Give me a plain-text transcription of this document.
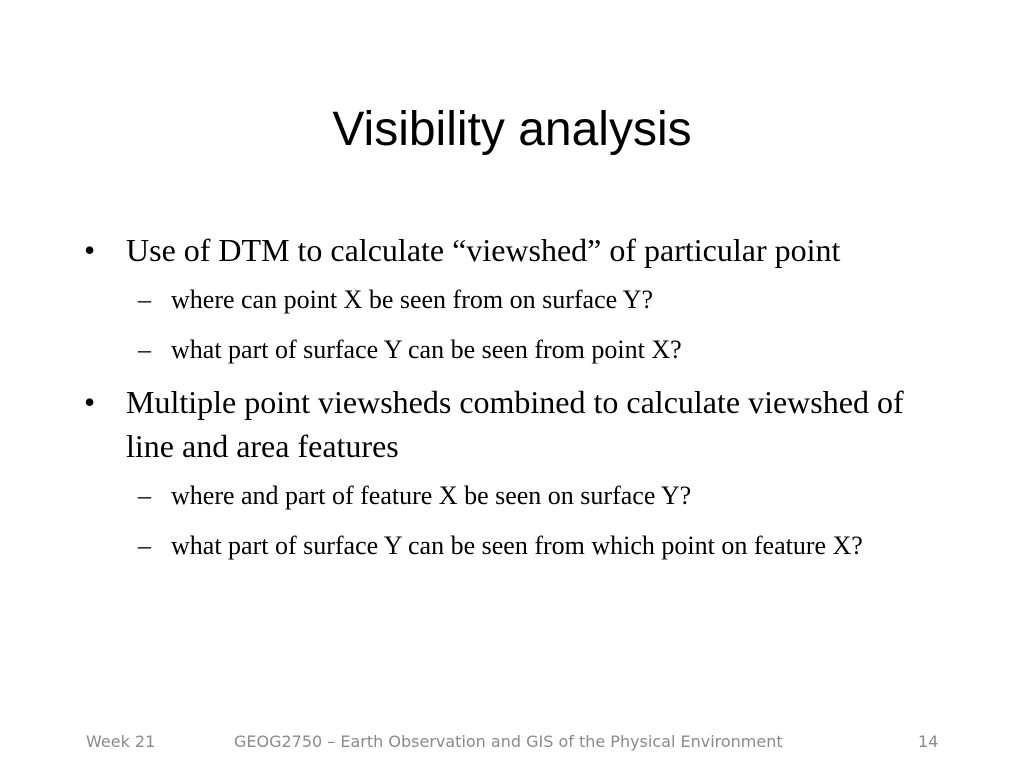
Visibility analysis
• Use of DTM to calculate “viewshed” of particular point
– where can point X be seen from on surface Y?
– what part of surface Y can be seen from point X?
• Multiple point viewsheds combined to calculate viewshed of line and area features
– where and part of feature X be seen on surface Y?
– what part of surface Y can be seen from which point on feature X?
Week 21	GEOG2750 – Earth Observation and GIS of the Physical Environment	14
